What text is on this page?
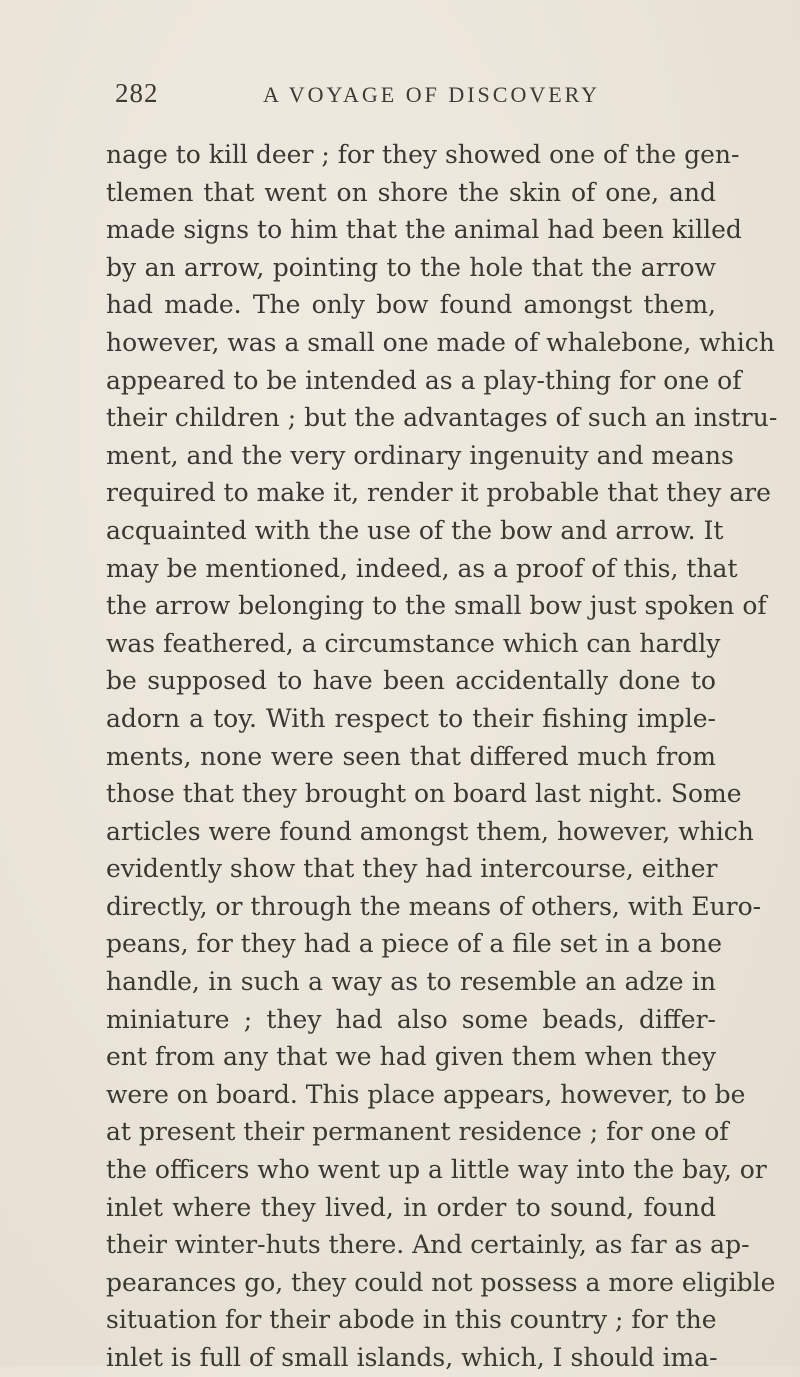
282	A VOYAGE OF DISCOVERY
nage to kill deer ; for they showed one of the gen-
tlemen that went on shore the skin of one, and
made signs to him that the animal had been killed
by an arrow, pointing to the hole that the arrow
had made. The only bow found amongst them,
however, was a small one made of whalebone, which
appeared to be intended as a play-thing for one of
their children ; but the advantages of such an instru-
ment, and the very ordinary ingenuity and means
required to make it, render it probable that they are
acquainted with the use of the bow and arrow. It
may be mentioned, indeed, as a proof of this, that
the arrow belonging to the small bow just spoken of
was feathered, a circumstance which can hardly
be supposed to have been accidentally done to
adorn a toy. With respect to their fishing imple-
ments, none were seen that differed much from
those that they brought on board last night. Some
articles were found amongst them, however, which
evidently show that they had intercourse, either
directly, or through the means of others, with Euro-
peans, for they had a piece of a file set in a bone
handle, in such a way as to resemble an adze in
miniature ; they had also some beads, differ-
ent from any that we had given them when they
were on board. This place appears, however, to be
at present their permanent residence ; for one of
the officers who went up a little way into the bay, or
inlet where they lived, in order to sound, found
their winter-huts there. And certainly, as far as ap-
pearances go, they could not possess a more eligible
situation for their abode in this country ; for the
inlet is full of small islands, which, I should ima-
